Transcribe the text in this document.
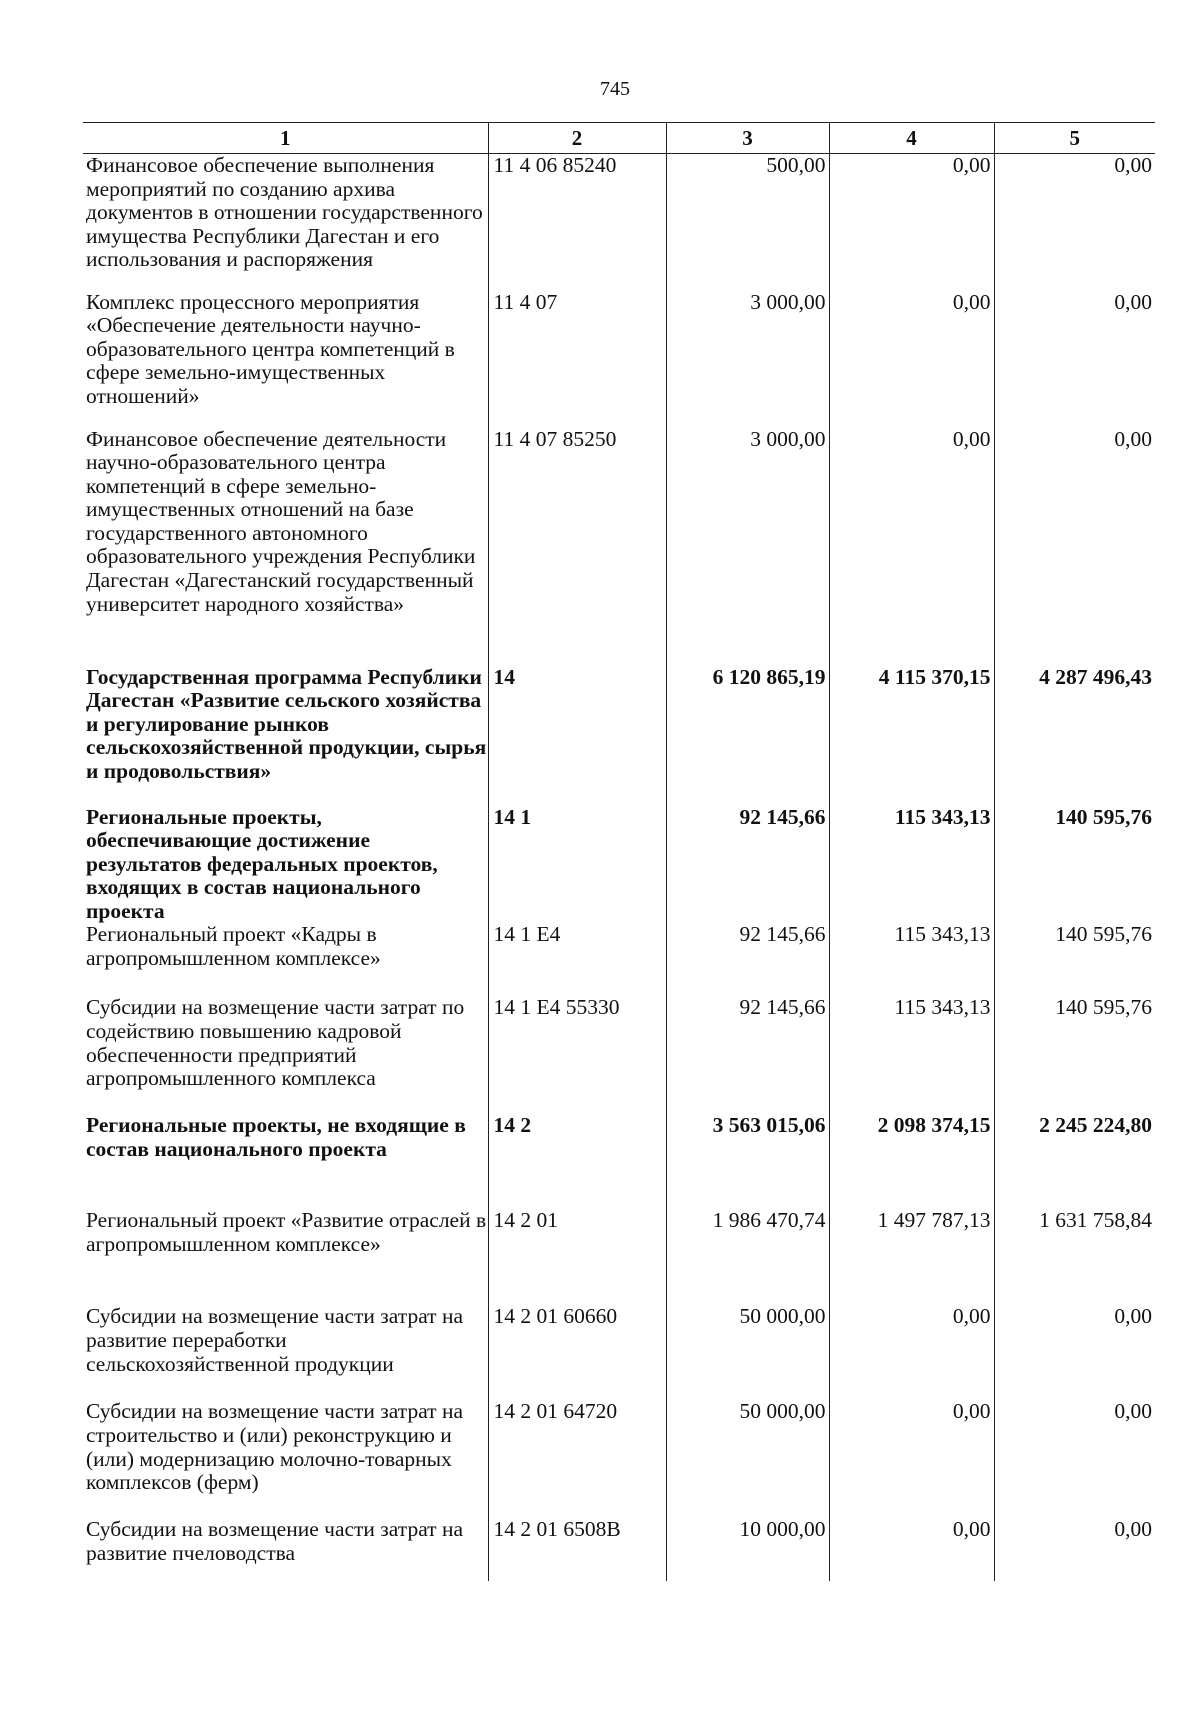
745
1	2	3	4	5
Финансовое обеспечение выполнения мероприятий по созданию архива документов в отношении государственного имущества Республики Дагестан и его использования и распоряжения	11 4 06 85240	500,00	0,00	0,00
Комплекс процессного мероприятия «Обеспечение деятельности научно-образовательного центра компетенций в сфере земельно-имущественных отношений»	11 4 07	3 000,00	0,00	0,00
Финансовое обеспечение деятельности научно-образовательного центра компетенций в сфере земельно-имущественных отношений на базе государственного автономного образовательного учреждения Республики Дагестан «Дагестанский государственный университет народного хозяйства»	11 4 07 85250	3 000,00	0,00	0,00
Государственная программа Республики Дагестан «Развитие сельского хозяйства и регулирование рынков сельскохозяйственной продукции, сырья и продовольствия»	14	6 120 865,19	4 115 370,15	4 287 496,43
Региональные проекты, обеспечивающие достижение результатов федеральных проектов, входящих в состав национального проекта	14 1	92 145,66	115 343,13	140 595,76
Региональный проект «Кадры в агропромышленном комплексе»	14 1 E4	92 145,66	115 343,13	140 595,76
Субсидии на возмещение части затрат по содействию повышению кадровой обеспеченности предприятий агропромышленного комплекса	14 1 E4 55330	92 145,66	115 343,13	140 595,76
Региональные проекты, не входящие в состав национального проекта	14 2	3 563 015,06	2 098 374,15	2 245 224,80
Региональный проект «Развитие отраслей в агропромышленном комплексе»	14 2 01	1 986 470,74	1 497 787,13	1 631 758,84
Субсидии на возмещение части затрат на развитие переработки сельскохозяйственной продукции	14 2 01 60660	50 000,00	0,00	0,00
Субсидии на возмещение части затрат на строительство и (или) реконструкцию и (или) модернизацию молочно-товарных комплексов (ферм)	14 2 01 64720	50 000,00	0,00	0,00
Субсидии на возмещение части затрат на развитие пчеловодства	14 2 01 6508B	10 000,00	0,00	0,00
